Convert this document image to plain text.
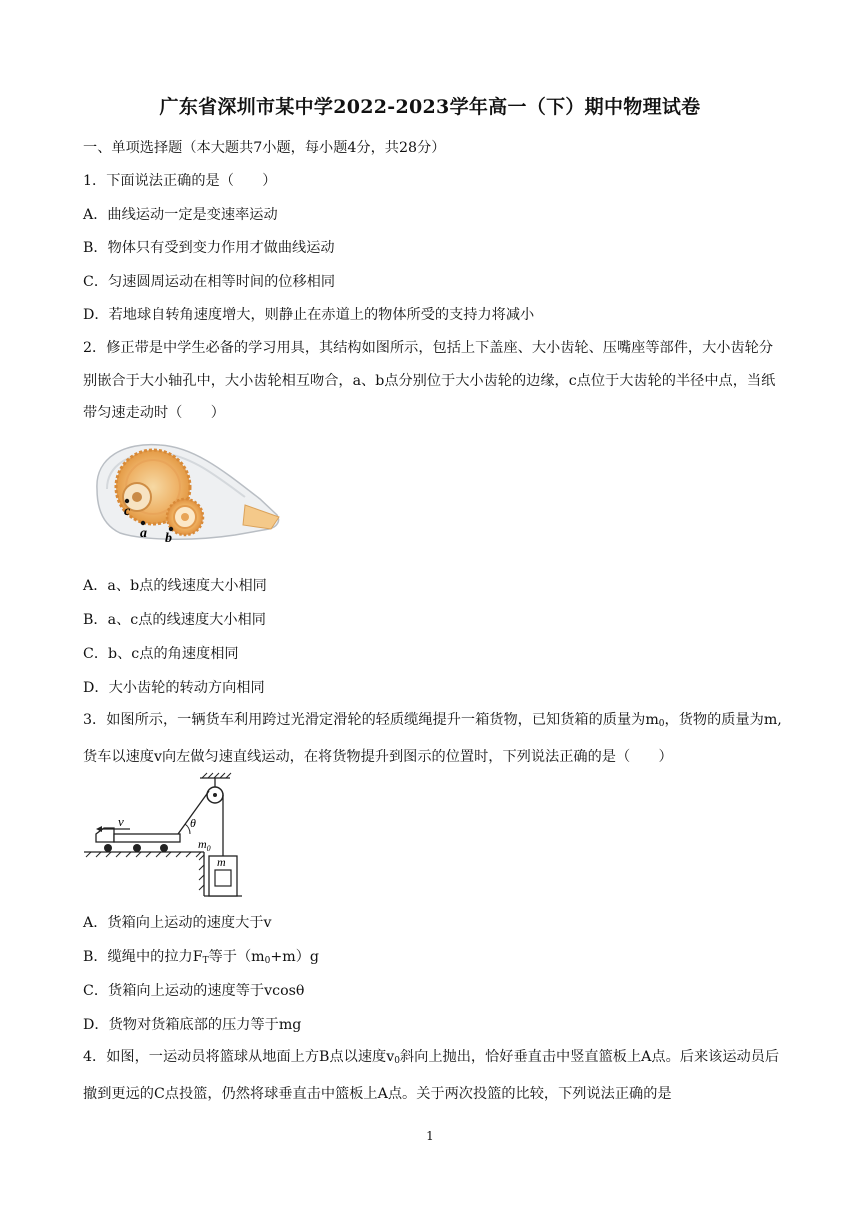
广东省深圳市某中学2022-2023学年高一（下）期中物理试卷
一、单项选择题（本大题共7小题，每小题4分，共28分）
1．下面说法正确的是（　　）
A．曲线运动一定是变速率运动
B．物体只有受到变力作用才做曲线运动
C．匀速圆周运动在相等时间的位移相同
D．若地球自转角速度增大，则静止在赤道上的物体所受的支持力将减小
2．修正带是中学生必备的学习用具，其结构如图所示，包括上下盖座、大小齿轮、压嘴座等部件，大小齿轮分别嵌合于大小轴孔中，大小齿轮相互吻合，a、b点分别位于大小齿轮的边缘，c点位于大齿轮的半径中点，当纸带匀速走动时（　　）
c
a b
A．a、b点的线速度大小相同
B．a、c点的线速度大小相同
C．b、c点的角速度相同
D．大小齿轮的转动方向相同
3．如图所示，一辆货车利用跨过光滑定滑轮的轻质缆绳提升一箱货物，已知货箱的质量为$m_0$，货物的质量为m,货车以速度v向左做匀速直线运动，在将货物提升到图示的位置时，下列说法正确的是（　　）
v	θ
$m_0$
m
A．货箱向上运动的速度大于v
B．缆绳中的拉力$F_T$等于$(m_0+m)g$
C．货箱向上运动的速度等于vcosθ
D．货物对货箱底部的压力等于mg
4．如图，一运动员将篮球从地面上方B点以速度$v_0$斜向上抛出，恰好垂直击中竖直篮板上A点。后来该运动员后撤到更远的C点投篮，仍然将球垂直击中篮板上A点。关于两次投篮的比较，下列说法正确的是
1
